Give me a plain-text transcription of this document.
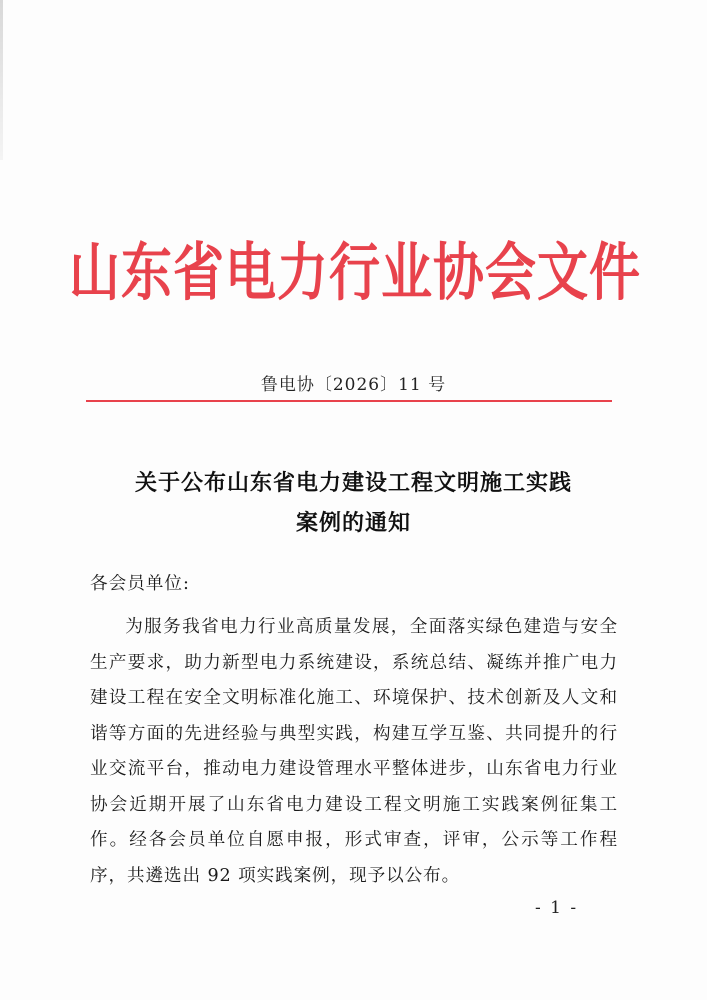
山东省电力行业协会文件
鲁电协〔2026〕11 号
关于公布山东省电力建设工程文明施工实践
案例的通知
各会员单位:
为服务我省电力行业高质量发展，全面落实绿色建造与安全生产要求，助力新型电力系统建设，系统总结、凝练并推广电力建设工程在安全文明标准化施工、环境保护、技术创新及人文和谐等方面的先进经验与典型实践，构建互学互鉴、共同提升的行业交流平台，推动电力建设管理水平整体进步，山东省电力行业协会近期开展了山东省电力建设工程文明施工实践案例征集工作。经各会员单位自愿申报，形式审查，评审，公示等工作程序，共遴选出 92 项实践案例，现予以公布。
- 1 -
